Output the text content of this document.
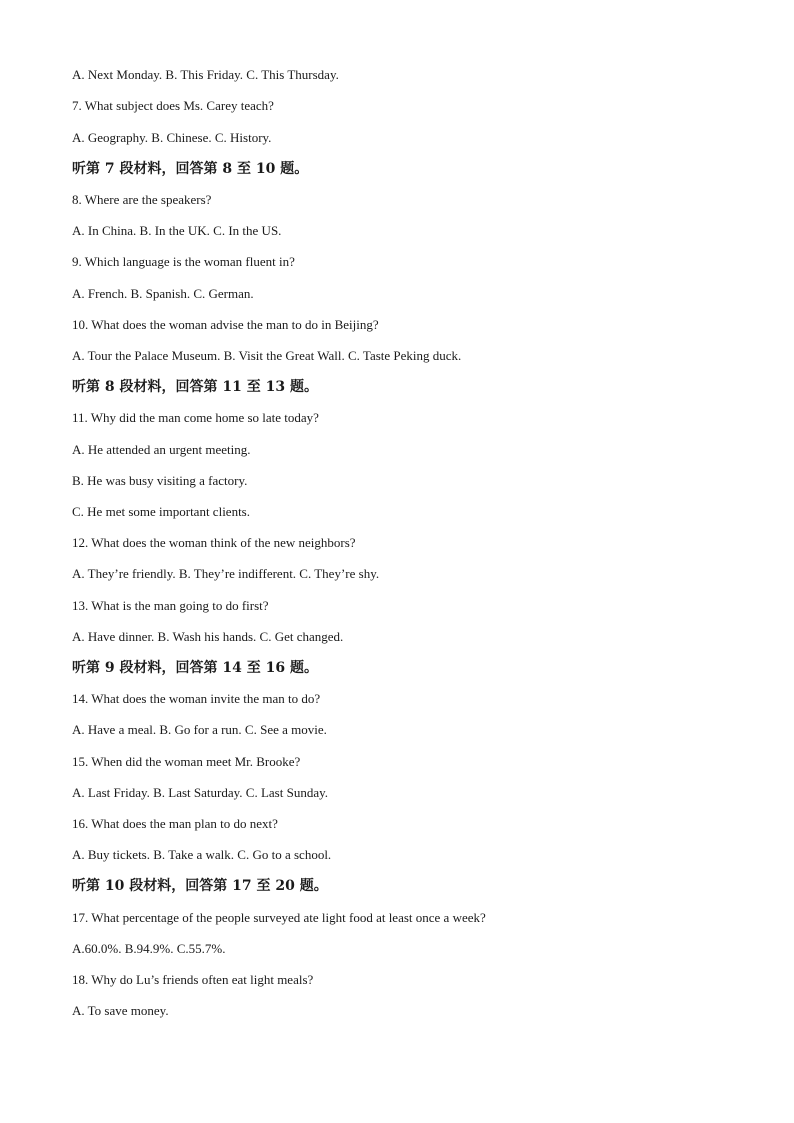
A. Next Monday. B. This Friday. C. This Thursday.
7. What subject does Ms. Carey teach?
A. Geography. B. Chinese. C. History.
听第 7 段材料，回答第 8 至 10 题。
8. Where are the speakers?
A. In China. B. In the UK. C. In the US.
9. Which language is the woman fluent in?
A. French. B. Spanish. C. German.
10. What does the woman advise the man to do in Beijing?
A. Tour the Palace Museum. B. Visit the Great Wall. C. Taste Peking duck.
听第 8 段材料，回答第 11 至 13 题。
11. Why did the man come home so late today?
A. He attended an urgent meeting.
B. He was busy visiting a factory.
C. He met some important clients.
12. What does the woman think of the new neighbors?
A. They’re friendly. B. They’re indifferent. C. They’re shy.
13. What is the man going to do first?
A. Have dinner. B. Wash his hands. C. Get changed.
听第 9 段材料，回答第 14 至 16 题。
14. What does the woman invite the man to do?
A. Have a meal. B. Go for a run. C. See a movie.
15. When did the woman meet Mr. Brooke?
A. Last Friday. B. Last Saturday. C. Last Sunday.
16. What does the man plan to do next?
A. Buy tickets. B. Take a walk. C. Go to a school.
听第 10 段材料，回答第 17 至 20 题。
17. What percentage of the people surveyed ate light food at least once a week?
A.60.0%. B.94.9%. C.55.7%.
18. Why do Lu’s friends often eat light meals?
A. To save money.
